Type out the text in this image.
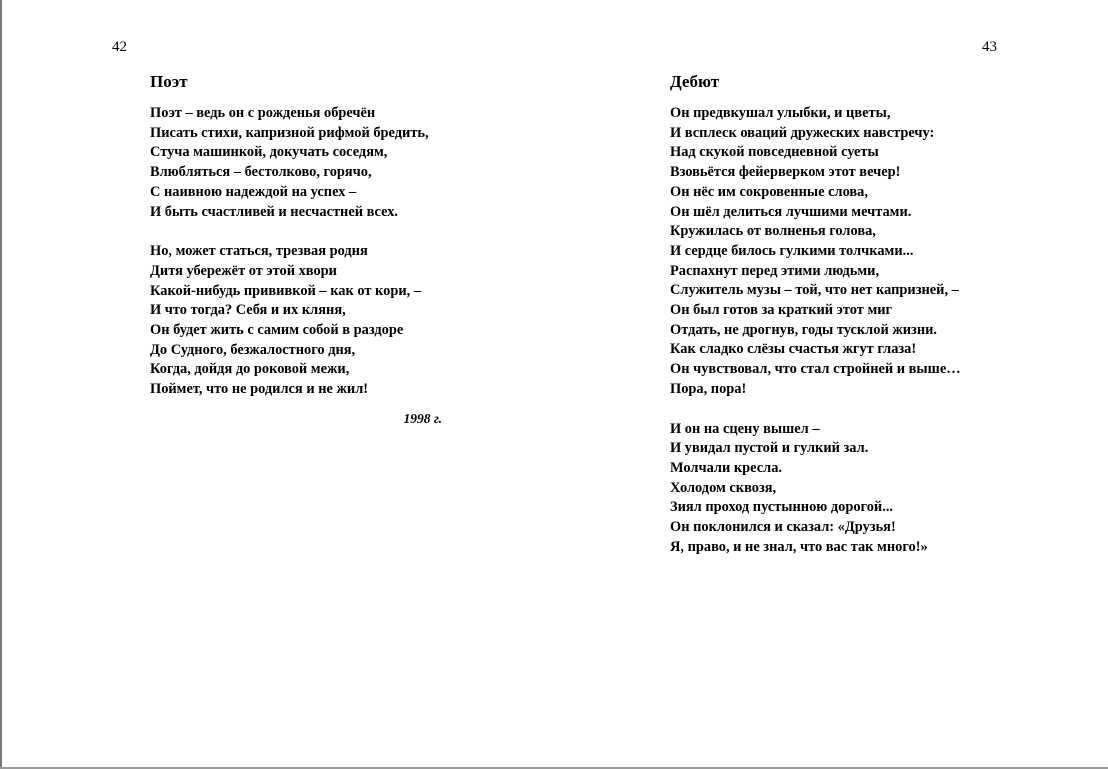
42
Поэт
Поэт – ведь он с рожденья обречён
Писать стихи, капризной рифмой бредить,
Стуча машинкой, докучать соседям,
Влюбляться – бестолково, горячо,
С наивною надеждой на успех –
И быть счастливей и несчастней всех.
Но, может статься, трезвая родня
Дитя убережёт от этой хвори
Какой-нибудь прививкой – как от кори, –
И что тогда? Себя и их кляня,
Он будет жить с самим собой в раздоре
До Судного, безжалостного дня,
Когда, дойдя до роковой межи,
Поймет, что не родился и не жил!
1998 г.
43
Дебют
Он предвкушал улыбки, и цветы,
И всплеск оваций дружеских навстречу:
Над скукой повседневной суеты
Взовьётся фейерверком этот вечер!
Он нёс им сокровенные слова,
Он шёл делиться лучшими мечтами.
Кружилась от волненья голова,
И сердце билось гулкими толчками...
Распахнут перед этими людьми,
Служитель музы – той, что нет капризней, –
Он был готов за краткий этот миг
Отдать, не дрогнув, годы тусклой жизни.
Как сладко слёзы счастья жгут глаза!
Он чувствовал, что стал стройней и выше…
Пора, пора!
И он на сцену вышел –
И увидал пустой и гулкий зал.
Молчали кресла.
Холодом сквозя,
Зиял проход пустынною дорогой...
Он поклонился и сказал: «Друзья!
Я, право, и не знал, что вас так много!»
